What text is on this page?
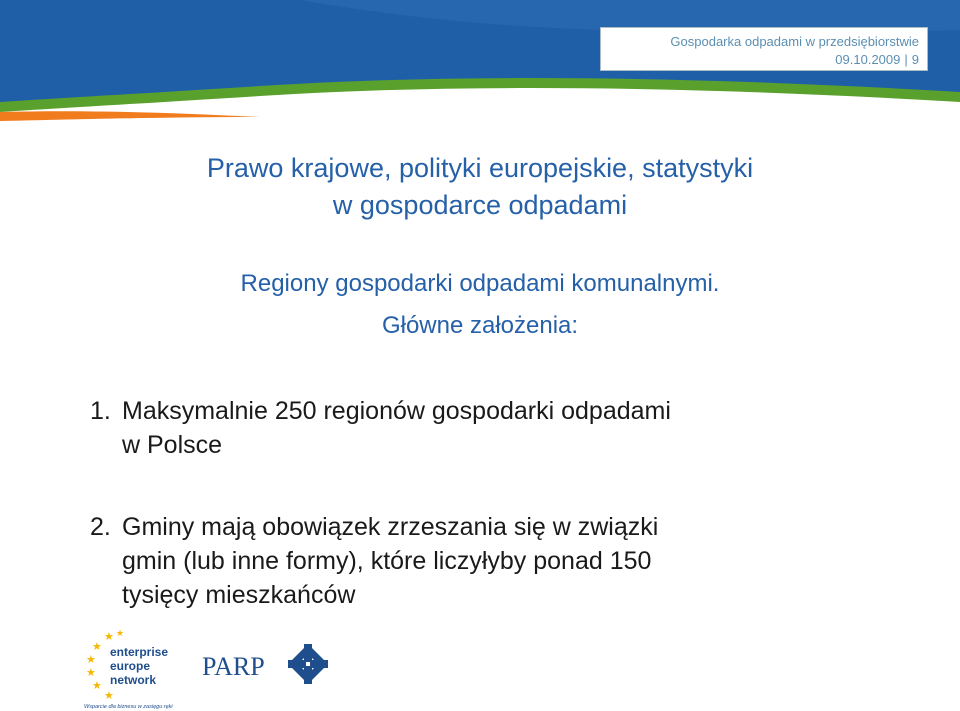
Gospodarka odpadami w przedsiębiorstwie
09.10.2009 | 9
Prawo krajowe, polityki europejskie, statystyki
w gospodarce odpadami
Regiony gospodarki odpadami komunalnymi.
Główne założenia:
1. Maksymalnie 250 regionów gospodarki odpadami
w Polsce
2. Gminy mają obowiązek zrzeszania się w związki
gmin (lub inne formy), które liczyłyby ponad 150
tysięcy mieszkańców
★
★
★
★
★
★
★
enterprise
europe
network
Wsparcie dla biznesu w zasięgu ręki
PARP
